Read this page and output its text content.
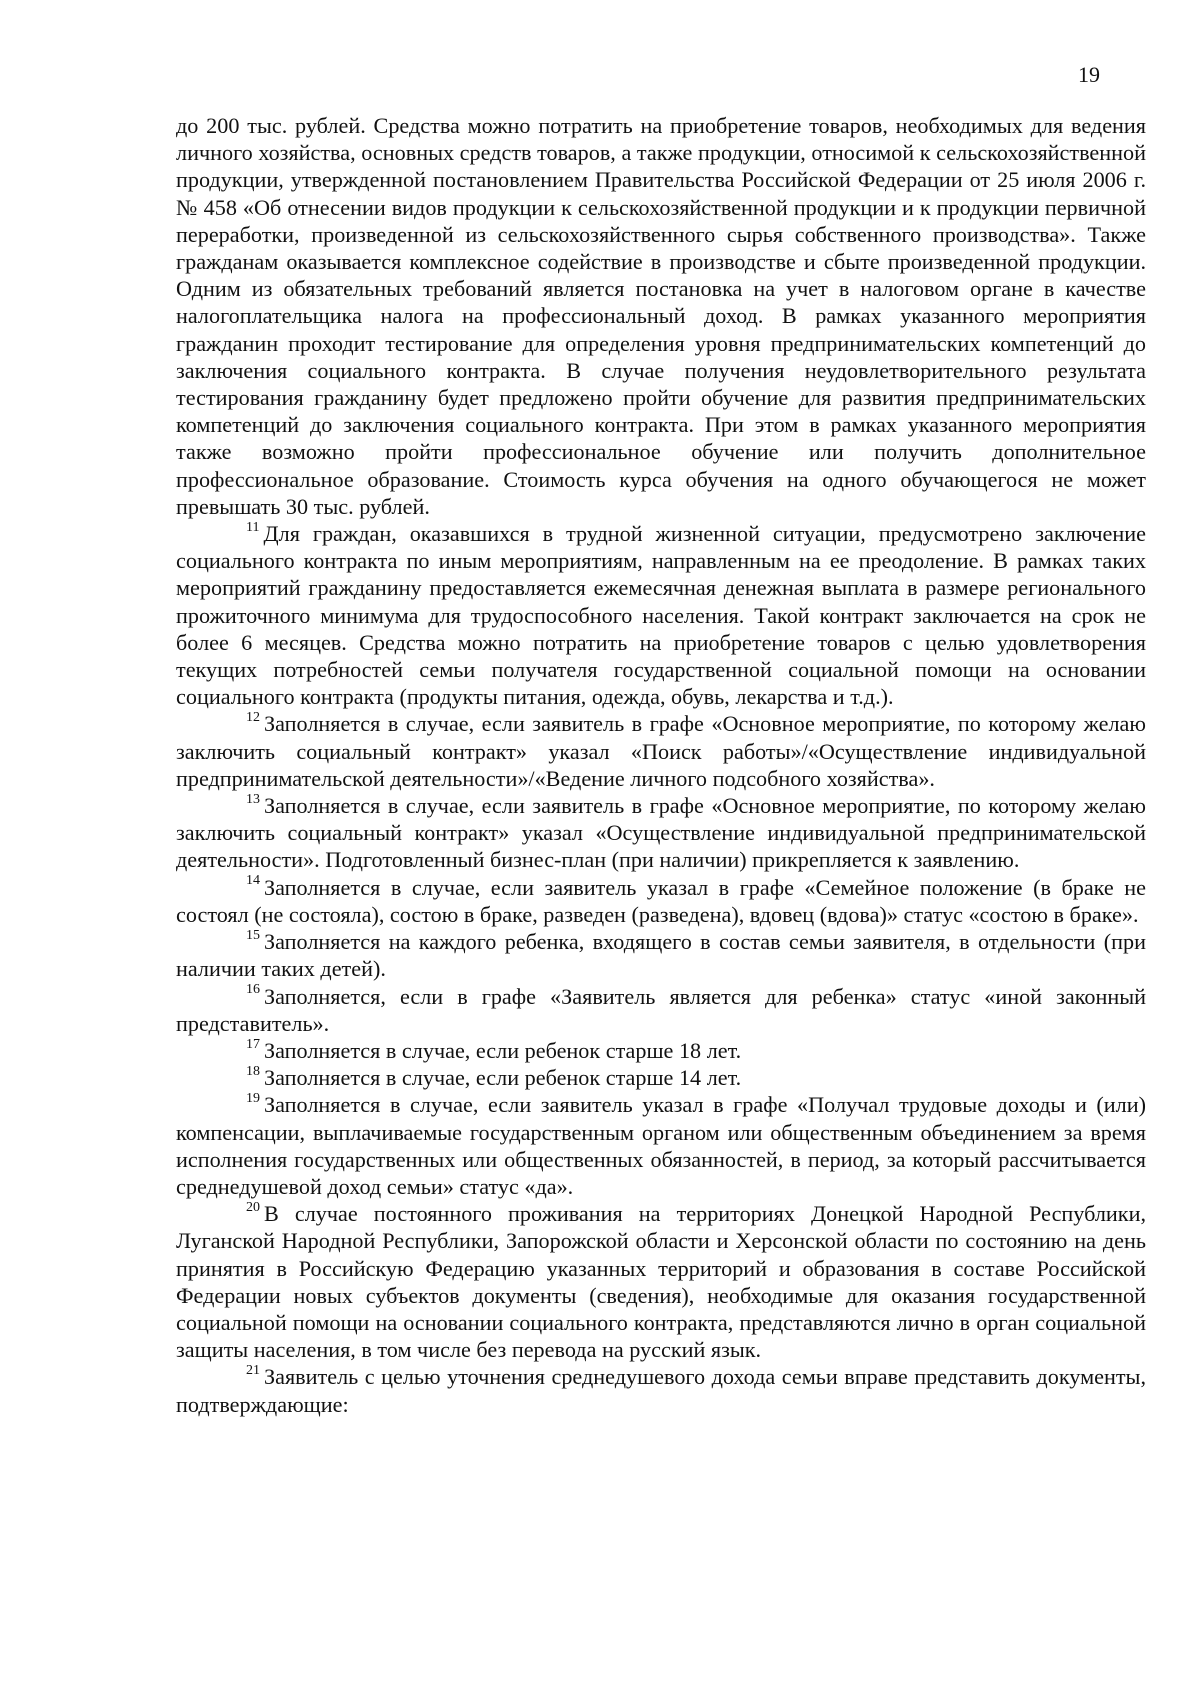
19

до 200 тыс. рублей. Средства можно потратить на приобретение товаров, необходимых для ведения личного хозяйства, основных средств товаров, а также продукции, относимой к сельскохозяйственной продукции, утвержденной постановлением Правительства Российской Федерации от 25 июля 2006 г. № 458 «Об отнесении видов продукции к сельскохозяйственной продукции и к продукции первичной переработки, произведенной из сельскохозяйственного сырья собственного производства». Также гражданам оказывается комплексное содействие в производстве и сбыте произведенной продукции. Одним из обязательных требований является постановка на учет в налоговом органе в качестве налогоплательщика налога на профессиональный доход. В рамках указанного мероприятия гражданин проходит тестирование для определения уровня предпринимательских компетенций до заключения социального контракта. В случае получения неудовлетворительного результата тестирования гражданину будет предложено пройти обучение для развития предпринимательских компетенций до заключения социального контракта. При этом в рамках указанного мероприятия также возможно пройти профессиональное обучение или получить дополнительное профессиональное образование. Стоимость курса обучения на одного обучающегося не может превышать 30 тыс. рублей.

$^{11}$ Для граждан, оказавшихся в трудной жизненной ситуации, предусмотрено заключение социального контракта по иным мероприятиям, направленным на ее преодоление. В рамках таких мероприятий гражданину предоставляется ежемесячная денежная выплата в размере регионального прожиточного минимума для трудоспособного населения. Такой контракт заключается на срок не более 6 месяцев. Средства можно потратить на приобретение товаров с целью удовлетворения текущих потребностей семьи получателя государственной социальной помощи на основании социального контракта (продукты питания, одежда, обувь, лекарства и т.д.).

$^{12}$ Заполняется в случае, если заявитель в графе «Основное мероприятие, по которому желаю заключить социальный контракт» указал «Поиск работы»/«Осуществление индивидуальной предпринимательской деятельности»/«Ведение личного подсобного хозяйства».

$^{13}$ Заполняется в случае, если заявитель в графе «Основное мероприятие, по которому желаю заключить социальный контракт» указал «Осуществление индивидуальной предпринимательской деятельности». Подготовленный бизнес-план (при наличии) прикрепляется к заявлению.

$^{14}$ Заполняется в случае, если заявитель указал в графе «Семейное положение (в браке не состоял (не состояла), состою в браке, разведен (разведена), вдовец (вдова)» статус «состою в браке».

$^{15}$ Заполняется на каждого ребенка, входящего в состав семьи заявителя, в отдельности (при наличии таких детей).

$^{16}$ Заполняется, если в графе «Заявитель является для ребенка» статус «иной законный представитель».

$^{17}$ Заполняется в случае, если ребенок старше 18 лет.

$^{18}$ Заполняется в случае, если ребенок старше 14 лет.

$^{19}$ Заполняется в случае, если заявитель указал в графе «Получал трудовые доходы и (или) компенсации, выплачиваемые государственным органом или общественным объединением за время исполнения государственных или общественных обязанностей, в период, за который рассчитывается среднедушевой доход семьи» статус «да».

$^{20}$ В случае постоянного проживания на территориях Донецкой Народной Республики, Луганской Народной Республики, Запорожской области и Херсонской области по состоянию на день принятия в Российскую Федерацию указанных территорий и образования в составе Российской Федерации новых субъектов документы (сведения), необходимые для оказания государственной социальной помощи на основании социального контракта, представляются лично в орган социальной защиты населения, в том числе без перевода на русский язык.

$^{21}$ Заявитель с целью уточнения среднедушевого дохода семьи вправе представить документы, подтверждающие:
